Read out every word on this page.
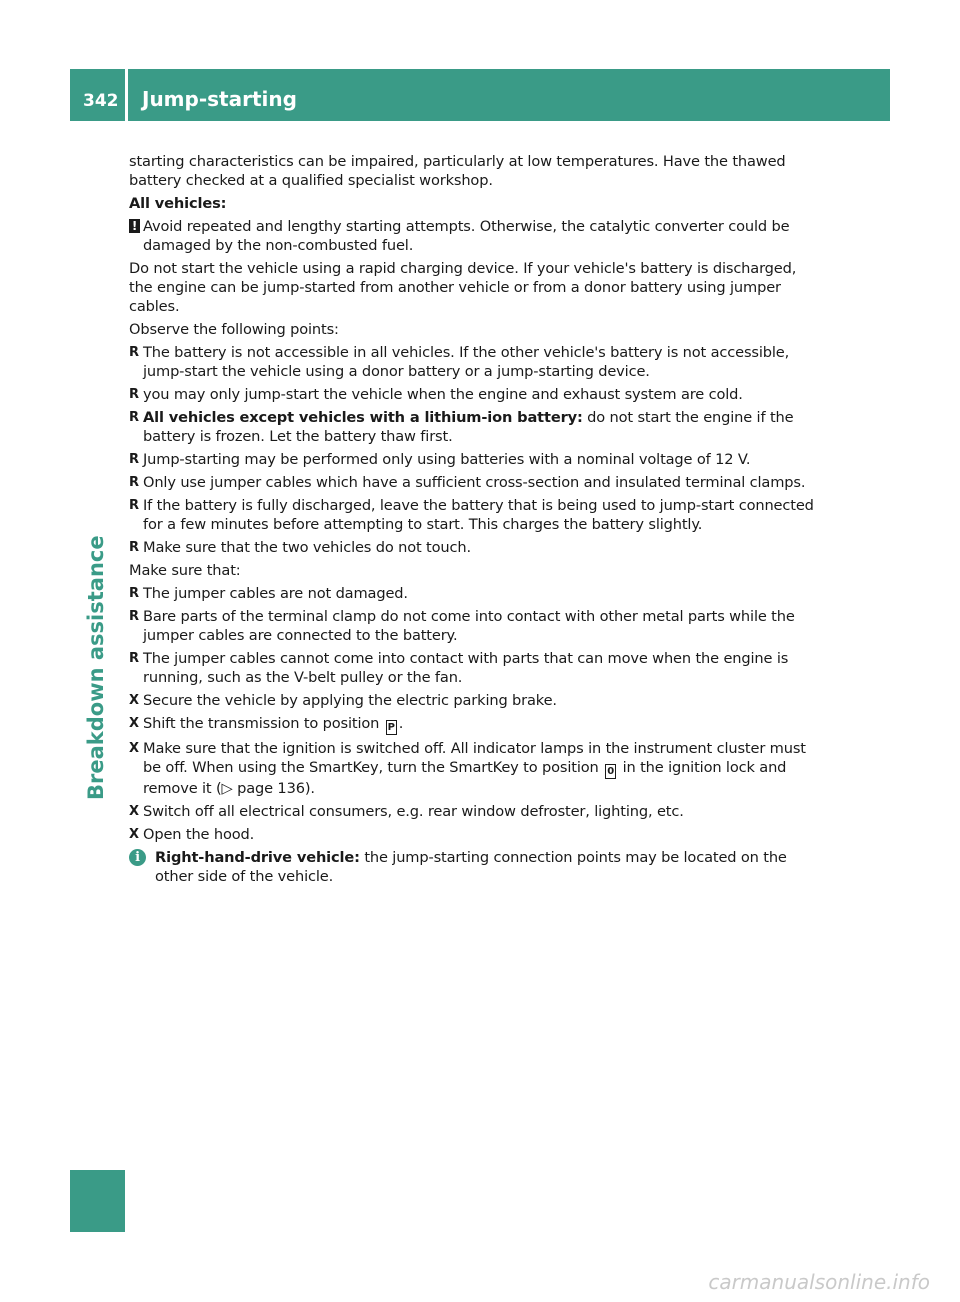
342 Jump-starting
Breakdown assistance

starting characteristics can be impaired, particularly at low temperatures. Have the thawed battery checked at a qualified specialist workshop.

All vehicles:

! Avoid repeated and lengthy starting attempts. Otherwise, the catalytic converter could be damaged by the non-combusted fuel.

Do not start the vehicle using a rapid charging device. If your vehicle's battery is discharged, the engine can be jump-started from another vehicle or from a donor battery using jumper cables.

Observe the following points:

R The battery is not accessible in all vehicles. If the other vehicle's battery is not accessible, jump-start the vehicle using a donor battery or a jump-starting device.
R you may only jump-start the vehicle when the engine and exhaust system are cold.
R All vehicles except vehicles with a lithium-ion battery: do not start the engine if the battery is frozen. Let the battery thaw first.
R Jump-starting may be performed only using batteries with a nominal voltage of 12 V.
R Only use jumper cables which have a sufficient cross-section and insulated terminal clamps.
R If the battery is fully discharged, leave the battery that is being used to jump-start connected for a few minutes before attempting to start. This charges the battery slightly.
R Make sure that the two vehicles do not touch.

Make sure that:

R The jumper cables are not damaged.
R Bare parts of the terminal clamp do not come into contact with other metal parts while the jumper cables are connected to the battery.
R The jumper cables cannot come into contact with parts that can move when the engine is running, such as the V-belt pulley or the fan.
X Secure the vehicle by applying the electric parking brake.
X Shift the transmission to position P .
X Make sure that the ignition is switched off. All indicator lamps in the instrument cluster must be off. When using the SmartKey, turn the SmartKey to position 0 in the ignition lock and remove it (▷ page 136).
X Switch off all electrical consumers, e.g. rear window defroster, lighting, etc.
X Open the hood.
i	Right-hand-drive vehicle: the jump-starting connection points may be located on the other side of the vehicle.
carmanualsonline.info
